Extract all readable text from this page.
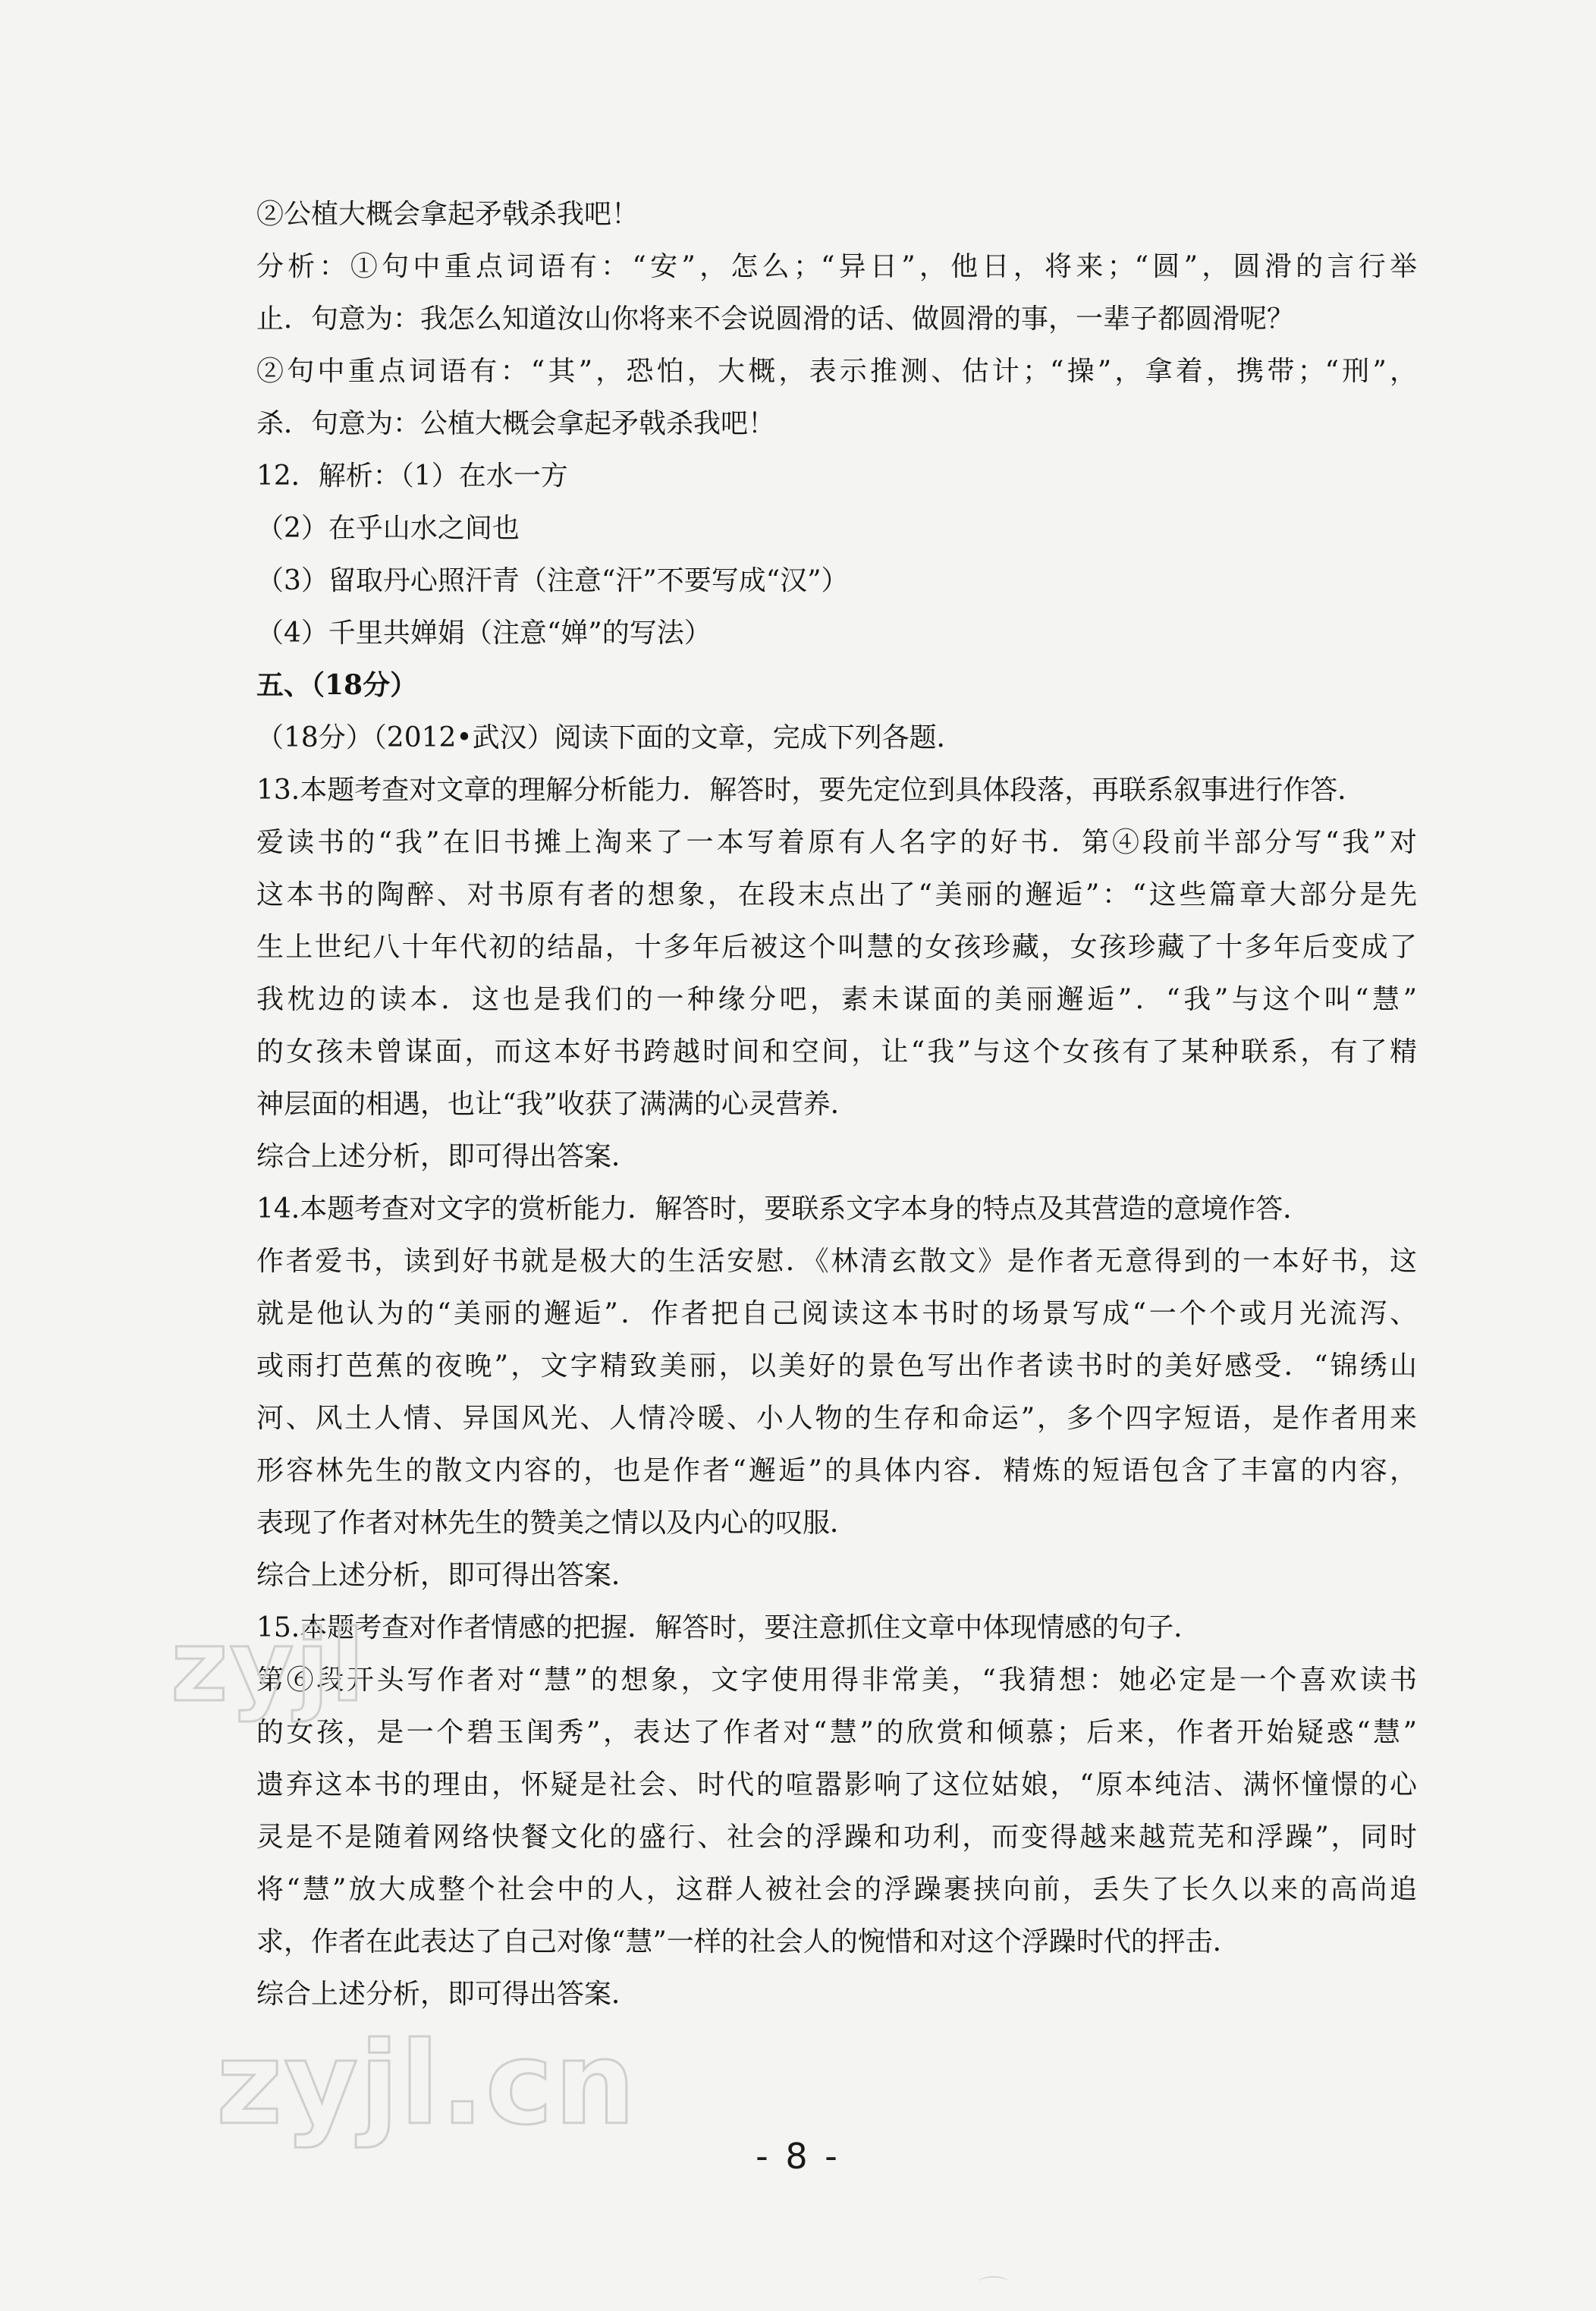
②公植大概会拿起矛戟杀我吧！
分析：①句中重点词语有：“安”，怎么；“异日”，他日，将来；“圆”，圆滑的言行举
止．句意为：我怎么知道汝山你将来不会说圆滑的话、做圆滑的事，一辈子都圆滑呢？
②句中重点词语有：“其”，恐怕，大概，表示推测、估计；“操”，拿着，携带；“刑”，
杀．句意为：公植大概会拿起矛戟杀我吧！
12．解析：（1）在水一方
（2）在乎山水之间也
（3）留取丹心照汗青（注意“汗”不要写成“汉”）
（4）千里共婵娟（注意“婵”的写法）
五、（18分）
（18分）（2012•武汉）阅读下面的文章，完成下列各题．
13.本题考查对文章的理解分析能力．解答时，要先定位到具体段落，再联系叙事进行作答．
爱读书的“我”在旧书摊上淘来了一本写着原有人名字的好书．第④段前半部分写“我”对
这本书的陶醉、对书原有者的想象，在段末点出了“美丽的邂逅”：“这些篇章大部分是先
生上世纪八十年代初的结晶，十多年后被这个叫慧的女孩珍藏，女孩珍藏了十多年后变成了
我枕边的读本．这也是我们的一种缘分吧，素未谋面的美丽邂逅”．“我”与这个叫“慧”
的女孩未曾谋面，而这本好书跨越时间和空间，让“我”与这个女孩有了某种联系，有了精
神层面的相遇，也让“我”收获了满满的心灵营养．
综合上述分析，即可得出答案．
14.本题考查对文字的赏析能力．解答时，要联系文字本身的特点及其营造的意境作答．
作者爱书，读到好书就是极大的生活安慰．《林清玄散文》是作者无意得到的一本好书，这
就是他认为的“美丽的邂逅”．作者把自己阅读这本书时的场景写成“一个个或月光流泻、
或雨打芭蕉的夜晚”，文字精致美丽，以美好的景色写出作者读书时的美好感受．“锦绣山
河、风土人情、异国风光、人情冷暖、小人物的生存和命运”，多个四字短语，是作者用来
形容林先生的散文内容的，也是作者“邂逅”的具体内容．精炼的短语包含了丰富的内容，
表现了作者对林先生的赞美之情以及内心的叹服．
综合上述分析，即可得出答案．
15.本题考查对作者情感的把握．解答时，要注意抓住文章中体现情感的句子．
第⑥段开头写作者对“慧”的想象，文字使用得非常美，“我猜想：她必定是一个喜欢读书
的女孩，是一个碧玉闺秀”，表达了作者对“慧”的欣赏和倾慕；后来，作者开始疑惑“慧”
遗弃这本书的理由，怀疑是社会、时代的喧嚣影响了这位姑娘，“原本纯洁、满怀憧憬的心
灵是不是随着网络快餐文化的盛行、社会的浮躁和功利，而变得越来越荒芜和浮躁”，同时
将“慧”放大成整个社会中的人，这群人被社会的浮躁裹挟向前，丢失了长久以来的高尚追
求，作者在此表达了自己对像“慧”一样的社会人的惋惜和对这个浮躁时代的抨击．
综合上述分析，即可得出答案．
zyjl
zyjl.cn
- 8 -
